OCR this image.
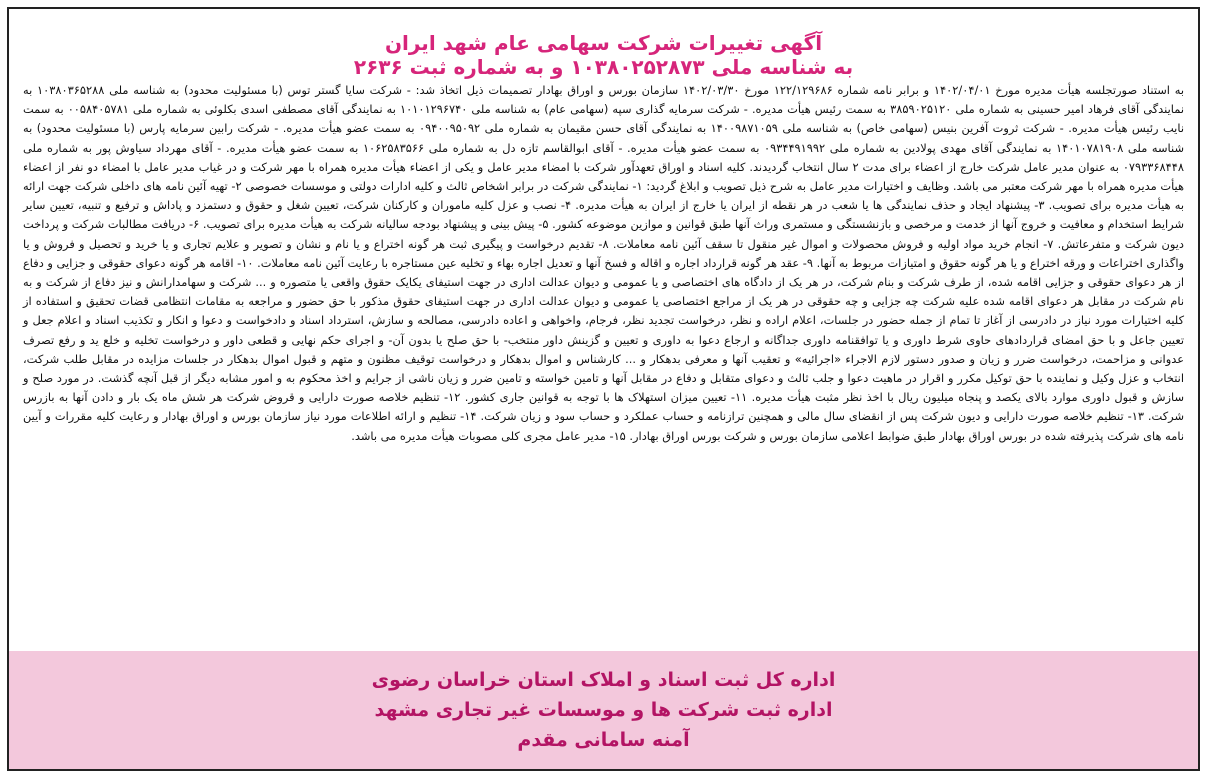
آگهی تغییرات شرکت سهامی عام شهد ایران
به شناسه ملی ۱۰۳۸۰۲۵۲۸۷۳ و به شماره ثبت ۲۶۳۶
به استناد صورتجلسه هیأت مدیره مورخ ۱۴۰۲/۰۴/۰۱ و برابر نامه شماره ۱۲۲/۱۲۹۶۸۶ مورخ ۱۴۰۲/۰۳/۳۰ سازمان بورس و اوراق بهادار تصمیمات ذیل اتخاذ شد: - شرکت سایا گستر توس (با مسئولیت محدود) به شناسه ملی ۱۰۳۸۰۳۶۵۲۸۸ به نمایندگی آقای فرهاد امیر حسینی به شماره ملی ۳۸۵۹۰۲۵۱۲۰ به سمت رئیس هیأت مدیره. - شرکت سرمایه گذاری سپه (سهامی عام) به شناسه ملی ۱۰۱۰۱۲۹۶۷۴۰ به نمایندگی آقای مصطفی اسدی بکلوئی به شماره ملی ۰۰۵۸۴۰۵۷۸۱ به سمت نایب رئیس هیأت مدیره. - شرکت ثروت آفرین بنیس (سهامی خاص) به شناسه ملی ۱۴۰۰۹۸۷۱۰۵۹ به نمایندگی آقای حسن مقیمان به شماره ملی ۰۹۴۰۰۹۵۰۹۲ به سمت عضو هیأت مدیره. - شرکت رابین سرمایه پارس (با مسئولیت محدود) به شناسه ملی ۱۴۰۱۰۷۸۱۹۰۸ به نمایندگی آقای مهدی پولادین به شماره ملی ۰۹۳۴۴۹۱۹۹۲ به سمت عضو هیأت مدیره. - آقای ابوالقاسم تازه دل به شماره ملی ۱۰۶۲۵۸۳۵۶۶ به سمت عضو هیأت مدیره. - آقای مهرداد سیاوش پور به شماره ملی ۰۷۹۳۳۶۸۴۴۸ به عنوان مدیر عامل شرکت خارج از اعضاء برای مدت ۲ سال انتخاب گردیدند. کلیه اسناد و اوراق تعهدآور شرکت با امضاء مدیر عامل و یکی از اعضاء هیأت مدیره همراه با مهر شرکت و در غیاب مدیر عامل با امضاء دو نفر از اعضاء هیأت مدیره همراه با مهر شرکت معتبر می باشد. وظایف و اختیارات مدیر عامل به شرح ذیل تصویب و ابلاغ گردید: ۱- نمایندگی شرکت در برابر اشخاص ثالث و کلیه ادارات دولتی و موسسات خصوصی ۲- تهیه آئین نامه های داخلی شرکت جهت ارائه به هیأت مدیره برای تصویب. ۳- پیشنهاد ایجاد و حذف نمایندگی ها یا شعب در هر نقطه از ایران یا خارج از ایران به هیأت مدیره. ۴- نصب و عزل کلیه ماموران و کارکنان شرکت، تعیین شغل و حقوق و دستمزد و پاداش و ترفیع و تنبیه، تعیین سایر شرایط استخدام و معافیت و خروج آنها از خدمت و مرخصی و بازنشستگی و مستمری وراث آنها طبق قوانین و موازین موضوعه کشور. ۵- پیش بینی و پیشنهاد بودجه سالیانه شرکت به هیأت مدیره برای تصویب. ۶- دریافت مطالبات شرکت و پرداخت دیون شرکت و متفرعاتش. ۷- انجام خرید مواد اولیه و فروش محصولات و اموال غیر منقول تا سقف آئین نامه معاملات. ۸- تقدیم درخواست و پیگیری ثبت هر گونه اختراع و یا نام و نشان و تصویر و علایم تجاری و یا خرید و تحصیل و فروش و یا واگذاری اختراعات و ورقه اختراع و یا هر گونه حقوق و امتیازات مربوط به آنها. ۹- عقد هر گونه قرارداد اجاره و اقاله و فسخ آنها و تعدیل اجاره بهاء و تخلیه عین مستاجره با رعایت آئین نامه معاملات. ۱۰- اقامه هر گونه دعوای حقوقی و جزایی و دفاع از هر دعوای حقوقی و جزایی اقامه شده، از طرف شرکت و بنام شرکت، در هر یک از دادگاه های اختصاصی و یا عمومی و دیوان عدالت اداری در جهت استیفای یکایک حقوق واقعی یا متصوره و ... شرکت و سهامدارانش و نیز دفاع از شرکت و به نام شرکت در مقابل هر دعوای اقامه شده علیه شرکت چه جزایی و چه حقوقی در هر یک از مراجع اختصاصی یا عمومی و دیوان عدالت اداری در جهت استیفای حقوق مذکور با حق حضور و مراجعه به مقامات انتظامی قضات تحقیق و استفاده از کلیه اختیارات مورد نیاز در دادرسی از آغاز تا تمام از جمله حضور در جلسات، اعلام اراده و نظر، درخواست تجدید نظر، فرجام، واخواهی و اعاده دادرسی، مصالحه و سازش، استرداد اسناد و دادخواست و دعوا و انکار و تکذیب اسناد و اعلام جعل و تعیین جاعل و با حق امضای قراردادهای حاوی شرط داوری و یا توافقنامه داوری جداگانه و ارجاع دعوا به داوری و تعیین و گزینش داور منتخب- با حق صلح یا بدون آن- و اجرای حکم نهایی و قطعی داور و درخواست تخلیه و خلع ید و رفع تصرف عدوانی و مزاحمت، درخواست ضرر و زیان و صدور دستور لازم الاجراء «اجرائیه» و تعقیب آنها و معرفی بدهکار و ... کارشناس و اموال بدهکار و درخواست توقیف مظنون و متهم و قبول اموال بدهکار در جلسات مزایده در مقابل طلب شرکت، انتخاب و عزل وکیل و نماینده با حق توکیل مکرر و اقرار در ماهیت دعوا و جلب ثالث و دعوای متقابل و دفاع در مقابل آنها و تامین خواسته و تامین ضرر و زیان ناشی از جرایم و اخذ محکوم به و امور مشابه دیگر از قبل آنچه گذشت. در مورد صلح و سازش و قبول داوری موارد بالای یکصد و پنجاه میلیون ریال با اخذ نظر مثبت هیأت مدیره. ۱۱- تعیین میزان استهلاک ها با توجه به قوانین جاری کشور. ۱۲- تنظیم خلاصه صورت دارایی و قروض شرکت هر شش ماه یک بار و دادن آنها به بازرس شرکت. ۱۳- تنظیم خلاصه صورت دارایی و دیون شرکت پس از انقضای سال مالی و همچنین ترازنامه و حساب عملکرد و حساب سود و زیان شرکت. ۱۴- تنظیم و ارائه اطلاعات مورد نیاز سازمان بورس و اوراق بهادار و رعایت کلیه مقررات و آیین نامه های شرکت پذیرفته شده در بورس اوراق بهادار طبق ضوابط اعلامی سازمان بورس و شرکت بورس اوراق بهادار. ۱۵- مدیر عامل مجری کلی مصوبات هیأت مدیره می باشد.
اداره کل ثبت اسناد و املاک استان خراسان رضوی
اداره ثبت شرکت ها و موسسات غیر تجاری مشهد
آمنه سامانی مقدم
